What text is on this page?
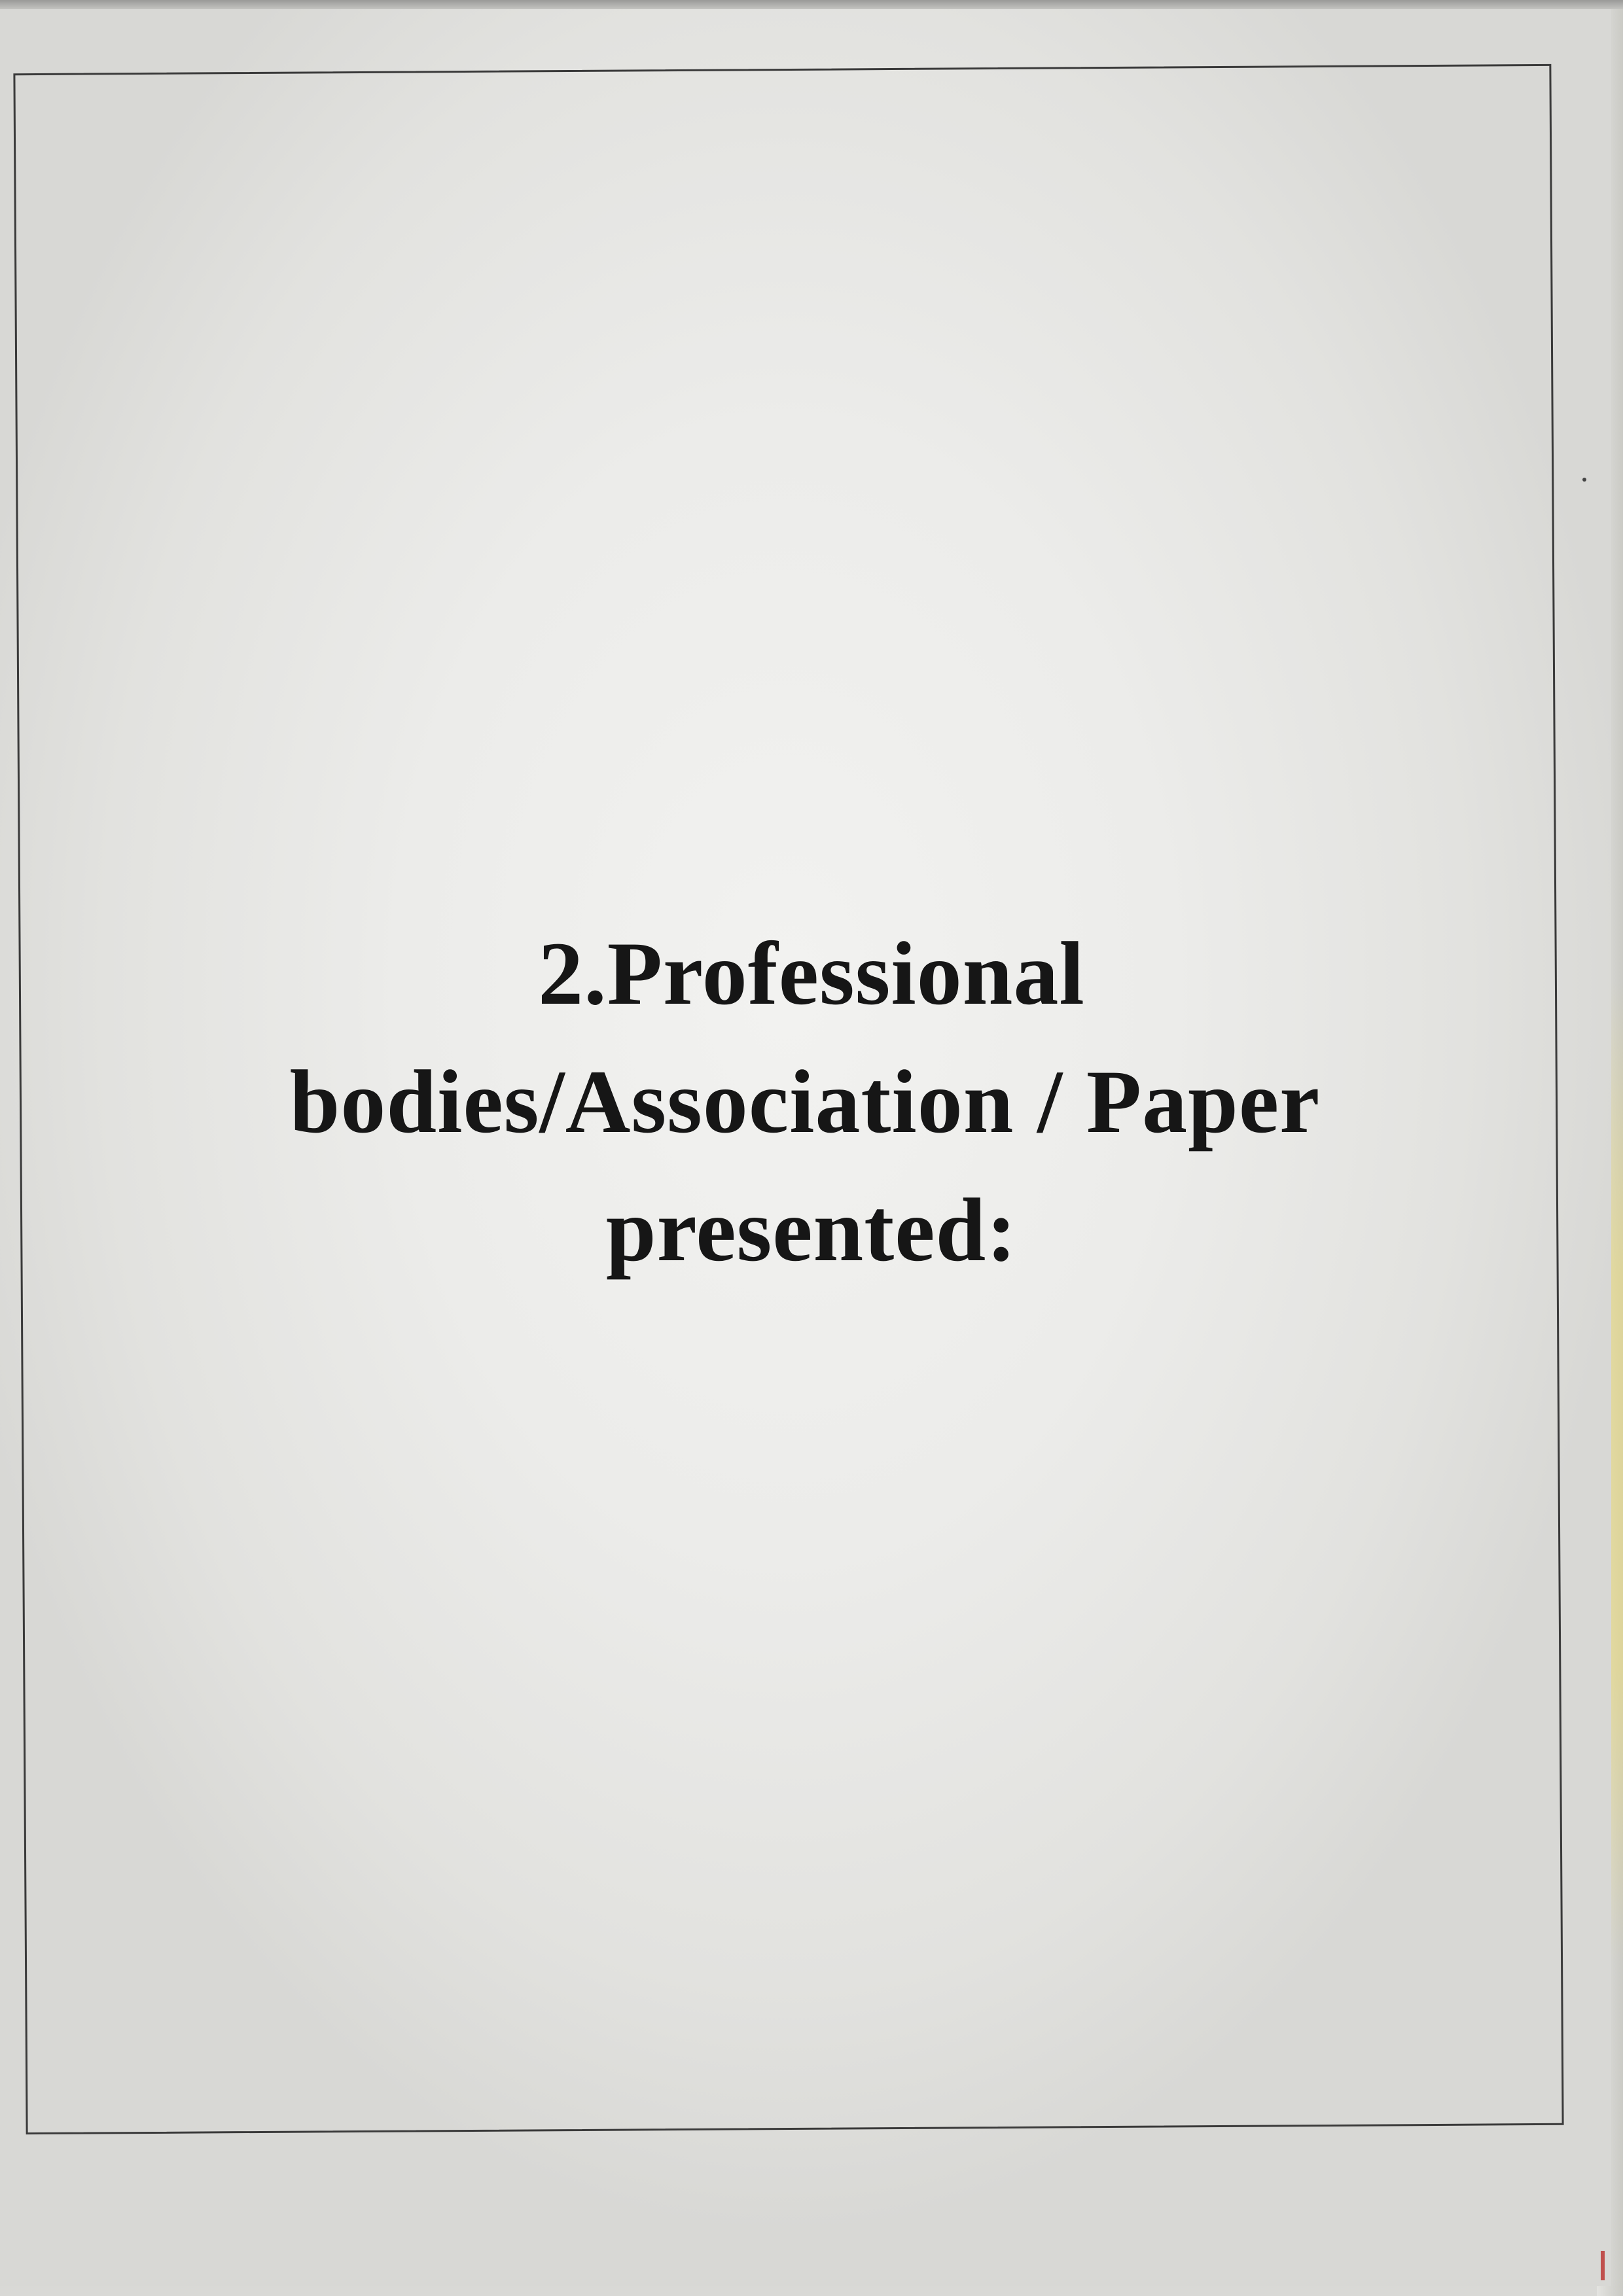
2.Professional
bodies/Association / Paper
presented:
